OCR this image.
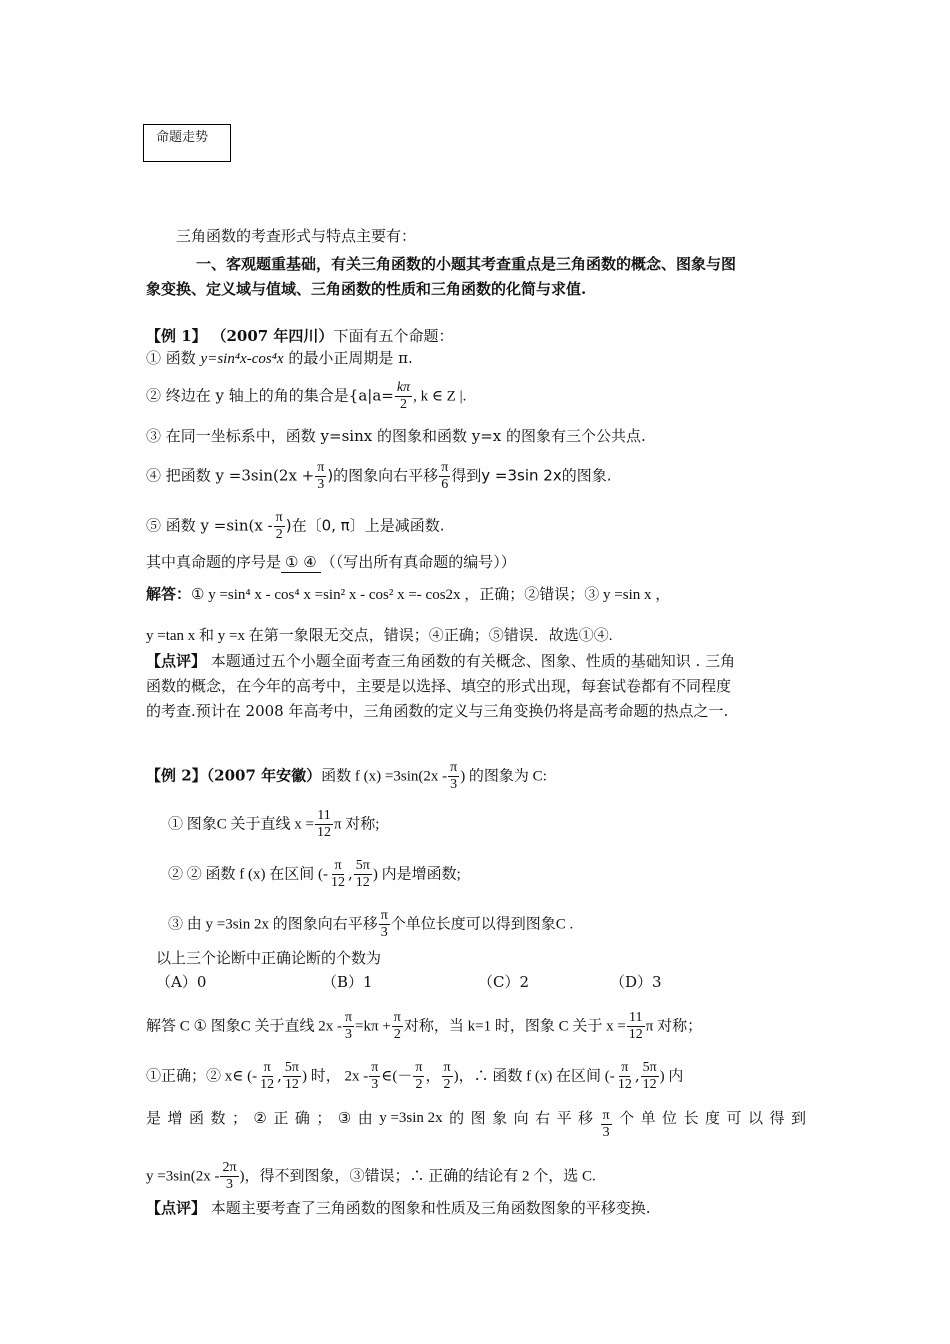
命题走势
三角函数的考查形式与特点主要有：
一、客观题重基础，有关三角函数的小题其考查重点是三角函数的概念、图象与图
象变换、定义域与值域、三角函数的性质和三角函数的化简与求值.
【例 1】 （2007 年四川）下面有五个命题：
① 函数 y=sin⁴x-cos⁴x 的最小正周期是 π.
② 终边在 y 轴上的角的集合是{$a|a= \frac{k\pi}{2}$ , k ∈ Z |.
③ 在同一坐标系中，函数 y=sinx 的图象和函数 y=x 的图象有三个公共点.
④ 把函数 $y =3\sin(2x + \frac{\pi}{3}$ )的图象向右平移 $\frac{\pi}{6}$ 得到y =3sin 2x的图象.
⑤ 函数 $y =\sin(x - \frac{\pi}{2}$ )在〔0, π〕上是减函数.
其中真命题的序号是① ④（（写出所有真命题的编号））
解答：① y =sin⁴ x - cos⁴ x =sin² x - cos² x =- cos2x ，正确；②错误；③ y =sin x ，
y =tan x 和 y =x 在第一象限无交点，错误；④正确；⑤错误．故选①④.
【点评】 本题通过五个小题全面考查三角函数的有关概念、图象、性质的基础知识 . 三角
函数的概念，在今年的高考中，主要是以选择、填空的形式出现，每套试卷都有不同程度
的考查.预计在 2008 年高考中，三角函数的定义与三角变换仍将是高考命题的热点之一.
【例 2】（2007 年安徽）函数 f $(x) =3\sin(2x - \frac{\pi}{3}$ ) 的图象为 C:
① 图象C 关于直线 $x = \frac{11}{12}$ π 对称;
② ② 函数 f (x) 在区间 (- $\frac{\pi}{12}$ , $\frac{5\pi}{12}$ ) 内是增函数;
③ 由 y =3sin 2x 的图象向右平移 $\frac{\pi}{3}$ 个单位长度可以得到图象C .
以上三个论断中正确论断的个数为
（A）0	（B）1	（C）2	（D）3
解答 C ① 图象C 关于直线 $2x - \frac{\pi}{3} =k\pi + \frac{\pi}{2}$ 对称，当 k=1 时，图象 C 关于 $x = \frac{11}{12}$ π 对称；
①正确；② x∈ (- $\frac{\pi}{12}$ , $\frac{5\pi}{12}$ ) 时， $2x - \frac{\pi}{3}$ ∈(－ $\frac{\pi}{2}$ ， $\frac{\pi}{2}$ )，∴ 函数 f (x) 在区间 (- $\frac{\pi}{12}$ , $\frac{5\pi}{12}$ ) 内
是 增 函 数 ； ② 正 确 ； ③ 由 y =3sin 2x 的 图 象 向 右 平 移 $\frac{\pi}{3}$ 个 单 位 长 度 可 以 得 到
$y =3\sin(2x - \frac{2\pi}{3}$ )，得不到图象，③错误；∴ 正确的结论有 2 个，选 C.
【点评】 本题主要考查了三角函数的图象和性质及三角函数图象的平移变换.
